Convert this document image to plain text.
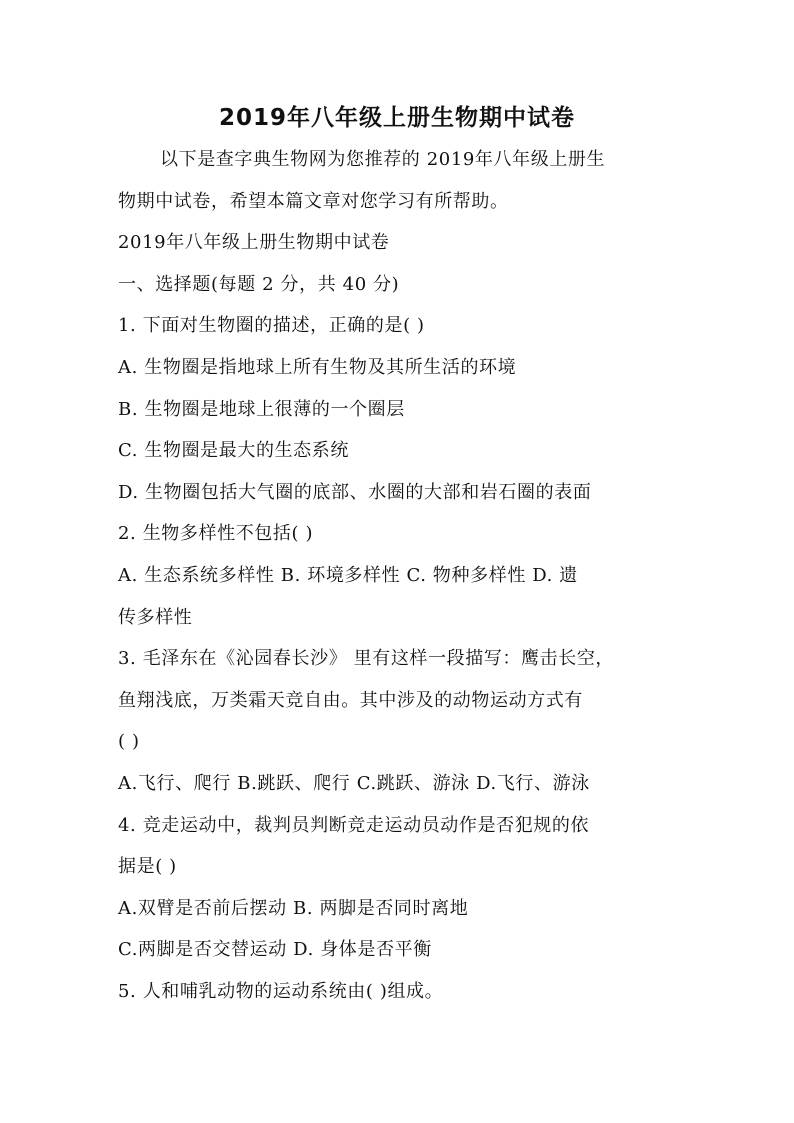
2019年八年级上册生物期中试卷

以下是查字典生物网为您推荐的 2019年八年级上册生

物期中试卷，希望本篇文章对您学习有所帮助。

2019年八年级上册生物期中试卷

一、选择题(每题 2 分，共 40 分)

1. 下面对生物圈的描述，正确的是( )

A. 生物圈是指地球上所有生物及其所生活的环境

B. 生物圈是地球上很薄的一个圈层

C. 生物圈是最大的生态系统

D. 生物圈包括大气圈的底部、水圈的大部和岩石圈的表面

2. 生物多样性不包括( )

A. 生态系统多样性 B. 环境多样性 C. 物种多样性 D. 遗

传多样性

3. 毛泽东在《沁园春长沙》 里有这样一段描写：鹰击长空，

鱼翔浅底，万类霜天竞自由。其中涉及的动物运动方式有

( )

A.飞行、爬行 B.跳跃、爬行 C.跳跃、游泳 D.飞行、游泳

4. 竞走运动中，裁判员判断竞走运动员动作是否犯规的依

据是( )

A.双臂是否前后摆动 B. 两脚是否同时离地

C.两脚是否交替运动 D. 身体是否平衡

5. 人和哺乳动物的运动系统由( )组成。
